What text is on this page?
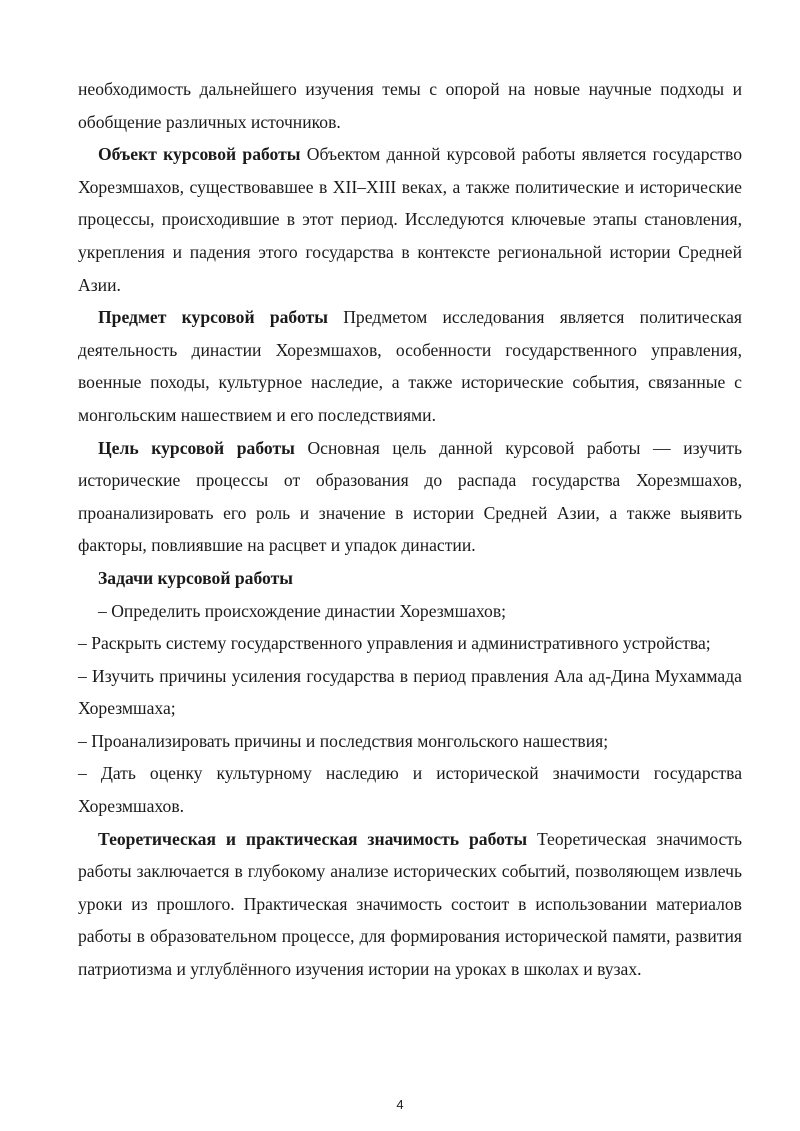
необходимость дальнейшего изучения темы с опорой на новые научные подходы и обобщение различных источников.

Объект курсовой работы Объектом данной курсовой работы является государство Хорезмшахов, существовавшее в XII–XIII веках, а также политические и исторические процессы, происходившие в этот период. Исследуются ключевые этапы становления, укрепления и падения этого государства в контексте региональной истории Средней Азии.

Предмет курсовой работы Предметом исследования является политическая деятельность династии Хорезмшахов, особенности государственного управления, военные походы, культурное наследие, а также исторические события, связанные с монгольским нашествием и его последствиями.

Цель курсовой работы Основная цель данной курсовой работы — изучить исторические процессы от образования до распада государства Хорезмшахов, проанализировать его роль и значение в истории Средней Азии, а также выявить факторы, повлиявшие на расцвет и упадок династии.

Задачи курсовой работы

– Определить происхождение династии Хорезмшахов;

– Раскрыть систему государственного управления и административного устройства;

– Изучить причины усиления государства в период правления Ала ад-Дина Мухаммада Хорезмшаха;

– Проанализировать причины и последствия монгольского нашествия;

– Дать оценку культурному наследию и исторической значимости государства Хорезмшахов.

Теоретическая и практическая значимость работы Теоретическая значимость работы заключается в глубокому анализе исторических событий, позволяющем извлечь уроки из прошлого. Практическая значимость состоит в использовании материалов работы в образовательном процессе, для формирования исторической памяти, развития патриотизма и углублённого изучения истории на уроках в школах и вузах.

4
